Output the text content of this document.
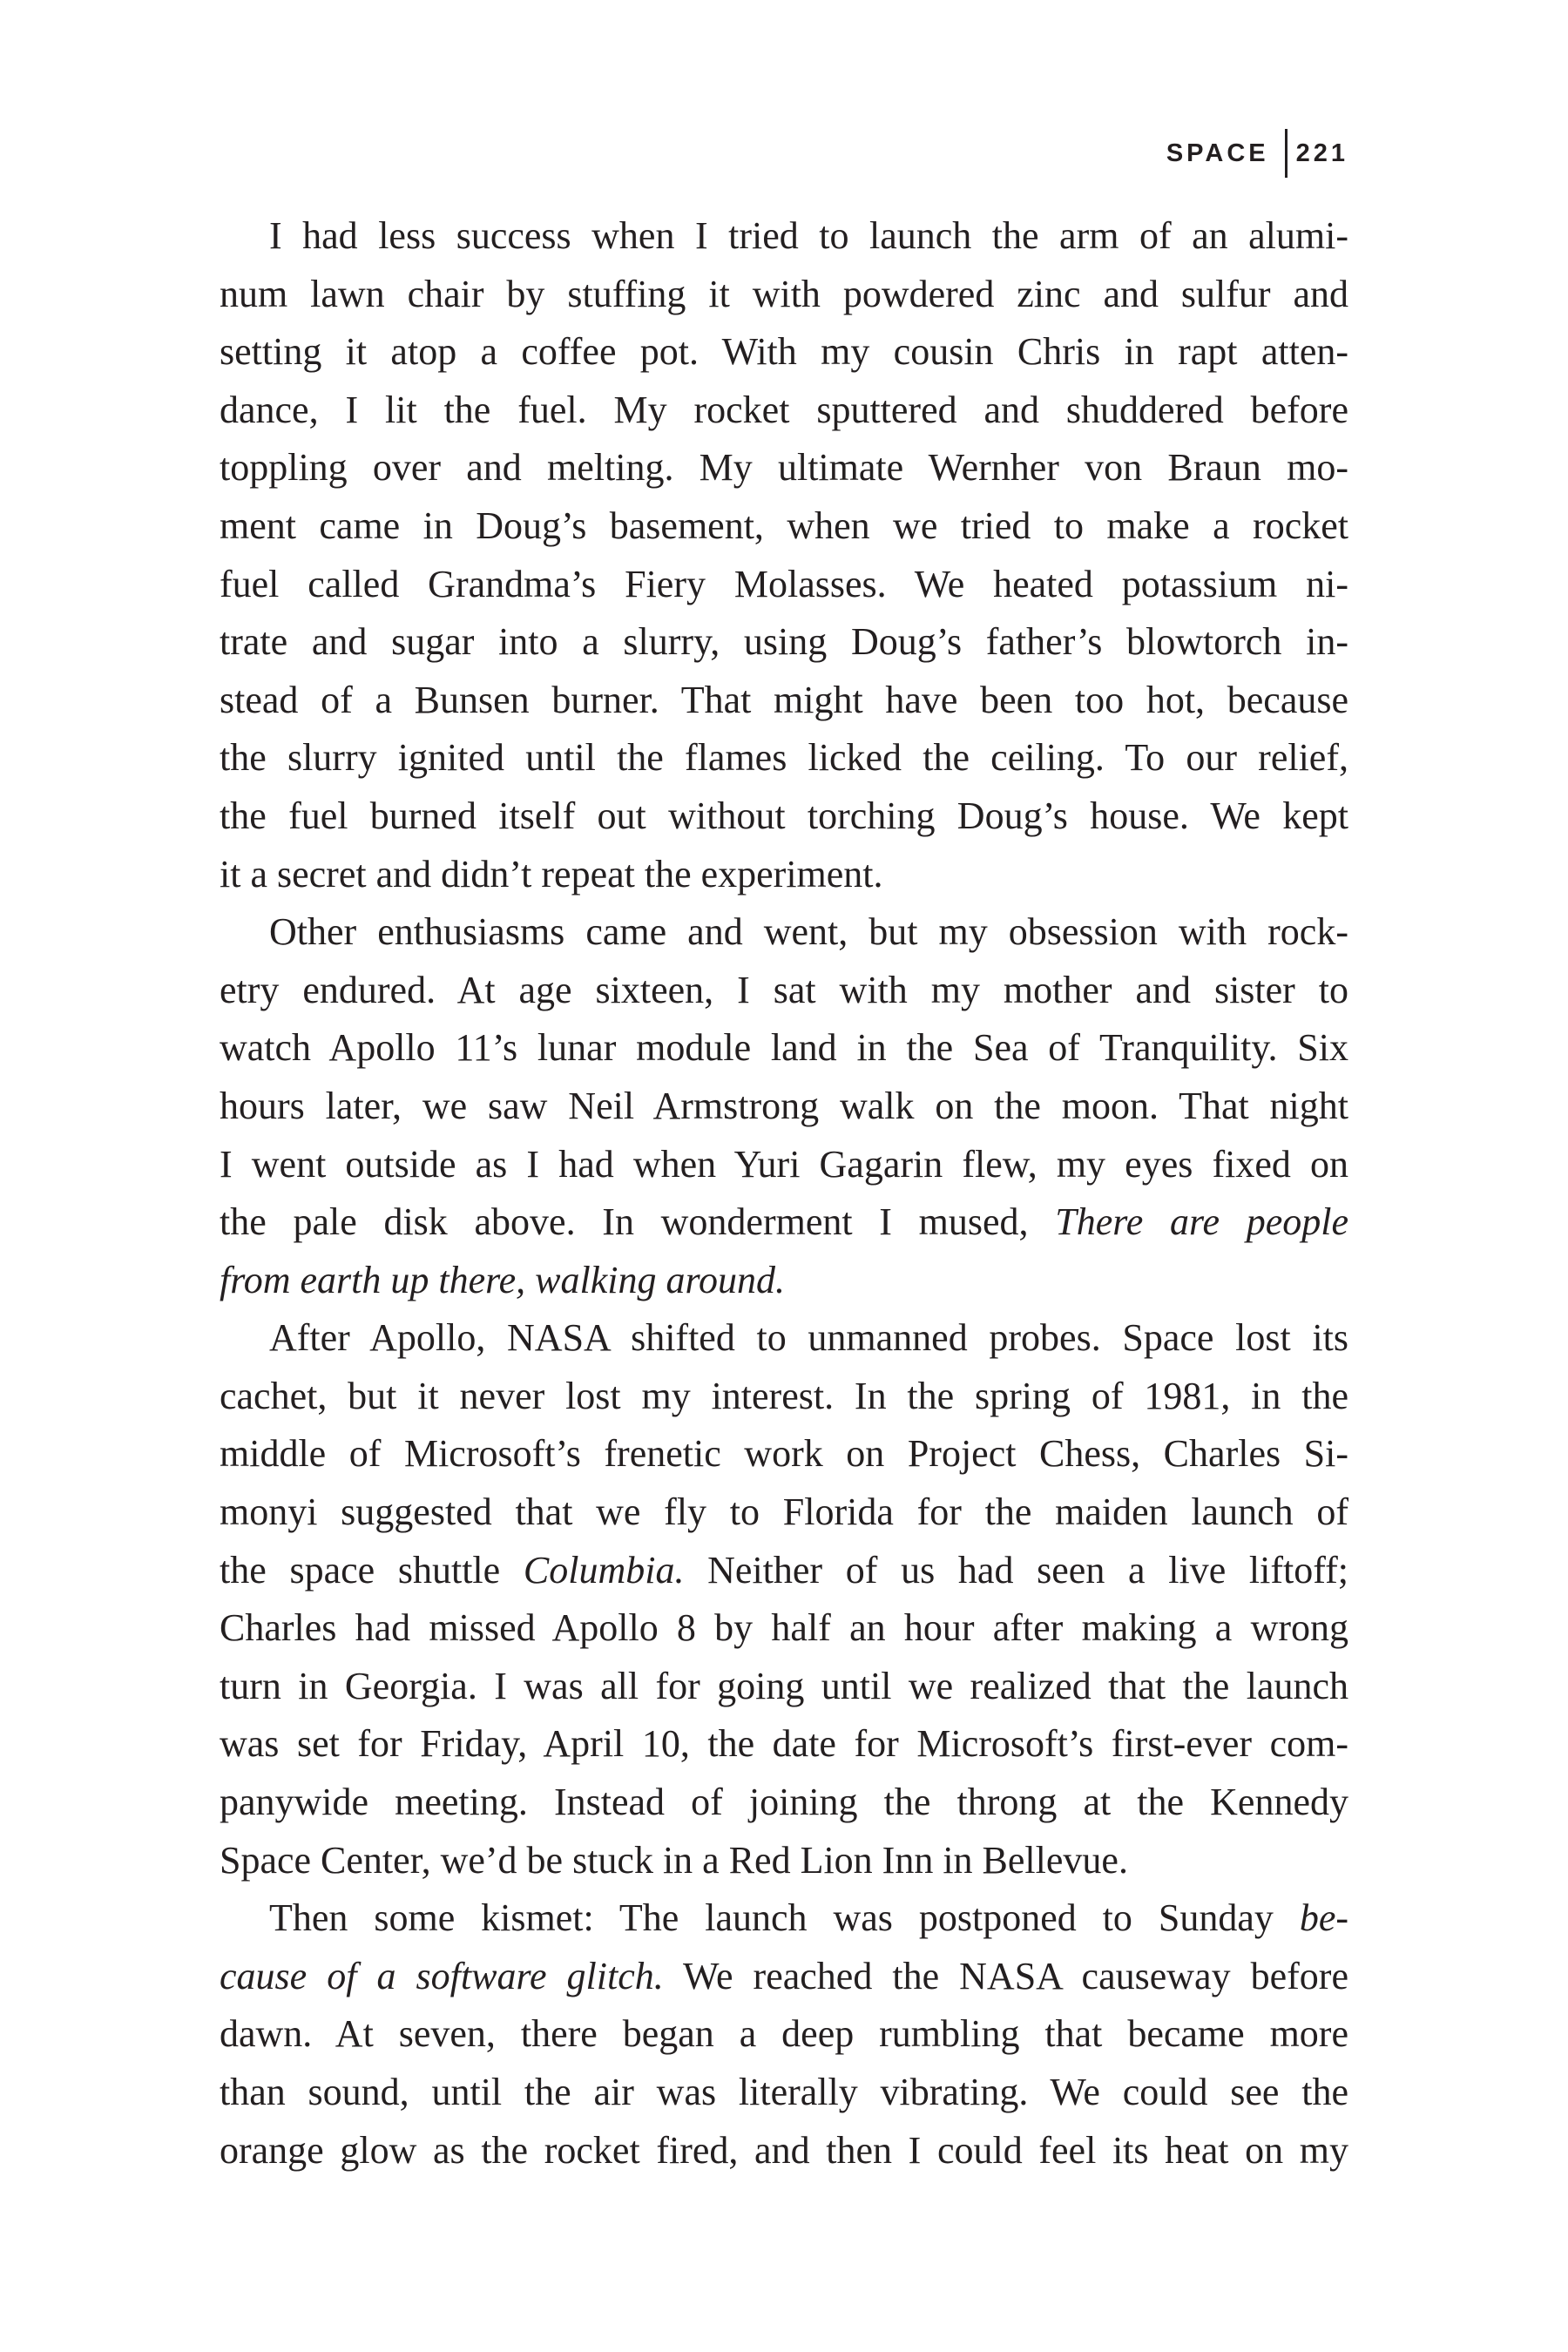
SPACE 221
I had less success when I tried to launch the arm of an alumi-
num lawn chair by stuffing it with powdered zinc and sulfur and
setting it atop a coffee pot. With my cousin Chris in rapt atten-
dance, I lit the fuel. My rocket sputtered and shuddered before
toppling over and melting. My ultimate Wernher von Braun mo-
ment came in Doug’s basement, when we tried to make a rocket
fuel called Grandma’s Fiery Molasses. We heated potassium ni-
trate and sugar into a slurry, using Doug’s father’s blowtorch in-
stead of a Bunsen burner. That might have been too hot, because
the slurry ignited until the flames licked the ceiling. To our relief,
the fuel burned itself out without torching Doug’s house. We kept
it a secret and didn’t repeat the experiment.
Other enthusiasms came and went, but my obsession with rock-
etry endured. At age sixteen, I sat with my mother and sister to
watch Apollo 11’s lunar module land in the Sea of Tranquility. Six
hours later, we saw Neil Armstrong walk on the moon. That night
I went outside as I had when Yuri Gagarin flew, my eyes fixed on
the pale disk above. In wonderment I mused, There are people
from earth up there, walking around.
After Apollo, NASA shifted to unmanned probes. Space lost its
cachet, but it never lost my interest. In the spring of 1981, in the
middle of Microsoft’s frenetic work on Project Chess, Charles Si-
monyi suggested that we fly to Florida for the maiden launch of
the space shuttle Columbia. Neither of us had seen a live liftoff;
Charles had missed Apollo 8 by half an hour after making a wrong
turn in Georgia. I was all for going until we realized that the launch
was set for Friday, April 10, the date for Microsoft’s first-ever com-
panywide meeting. Instead of joining the throng at the Kennedy
Space Center, we’d be stuck in a Red Lion Inn in Bellevue.
Then some kismet: The launch was postponed to Sunday be-
cause of a software glitch. We reached the NASA causeway before
dawn. At seven, there began a deep rumbling that became more
than sound, until the air was literally vibrating. We could see the
orange glow as the rocket fired, and then I could feel its heat on my
